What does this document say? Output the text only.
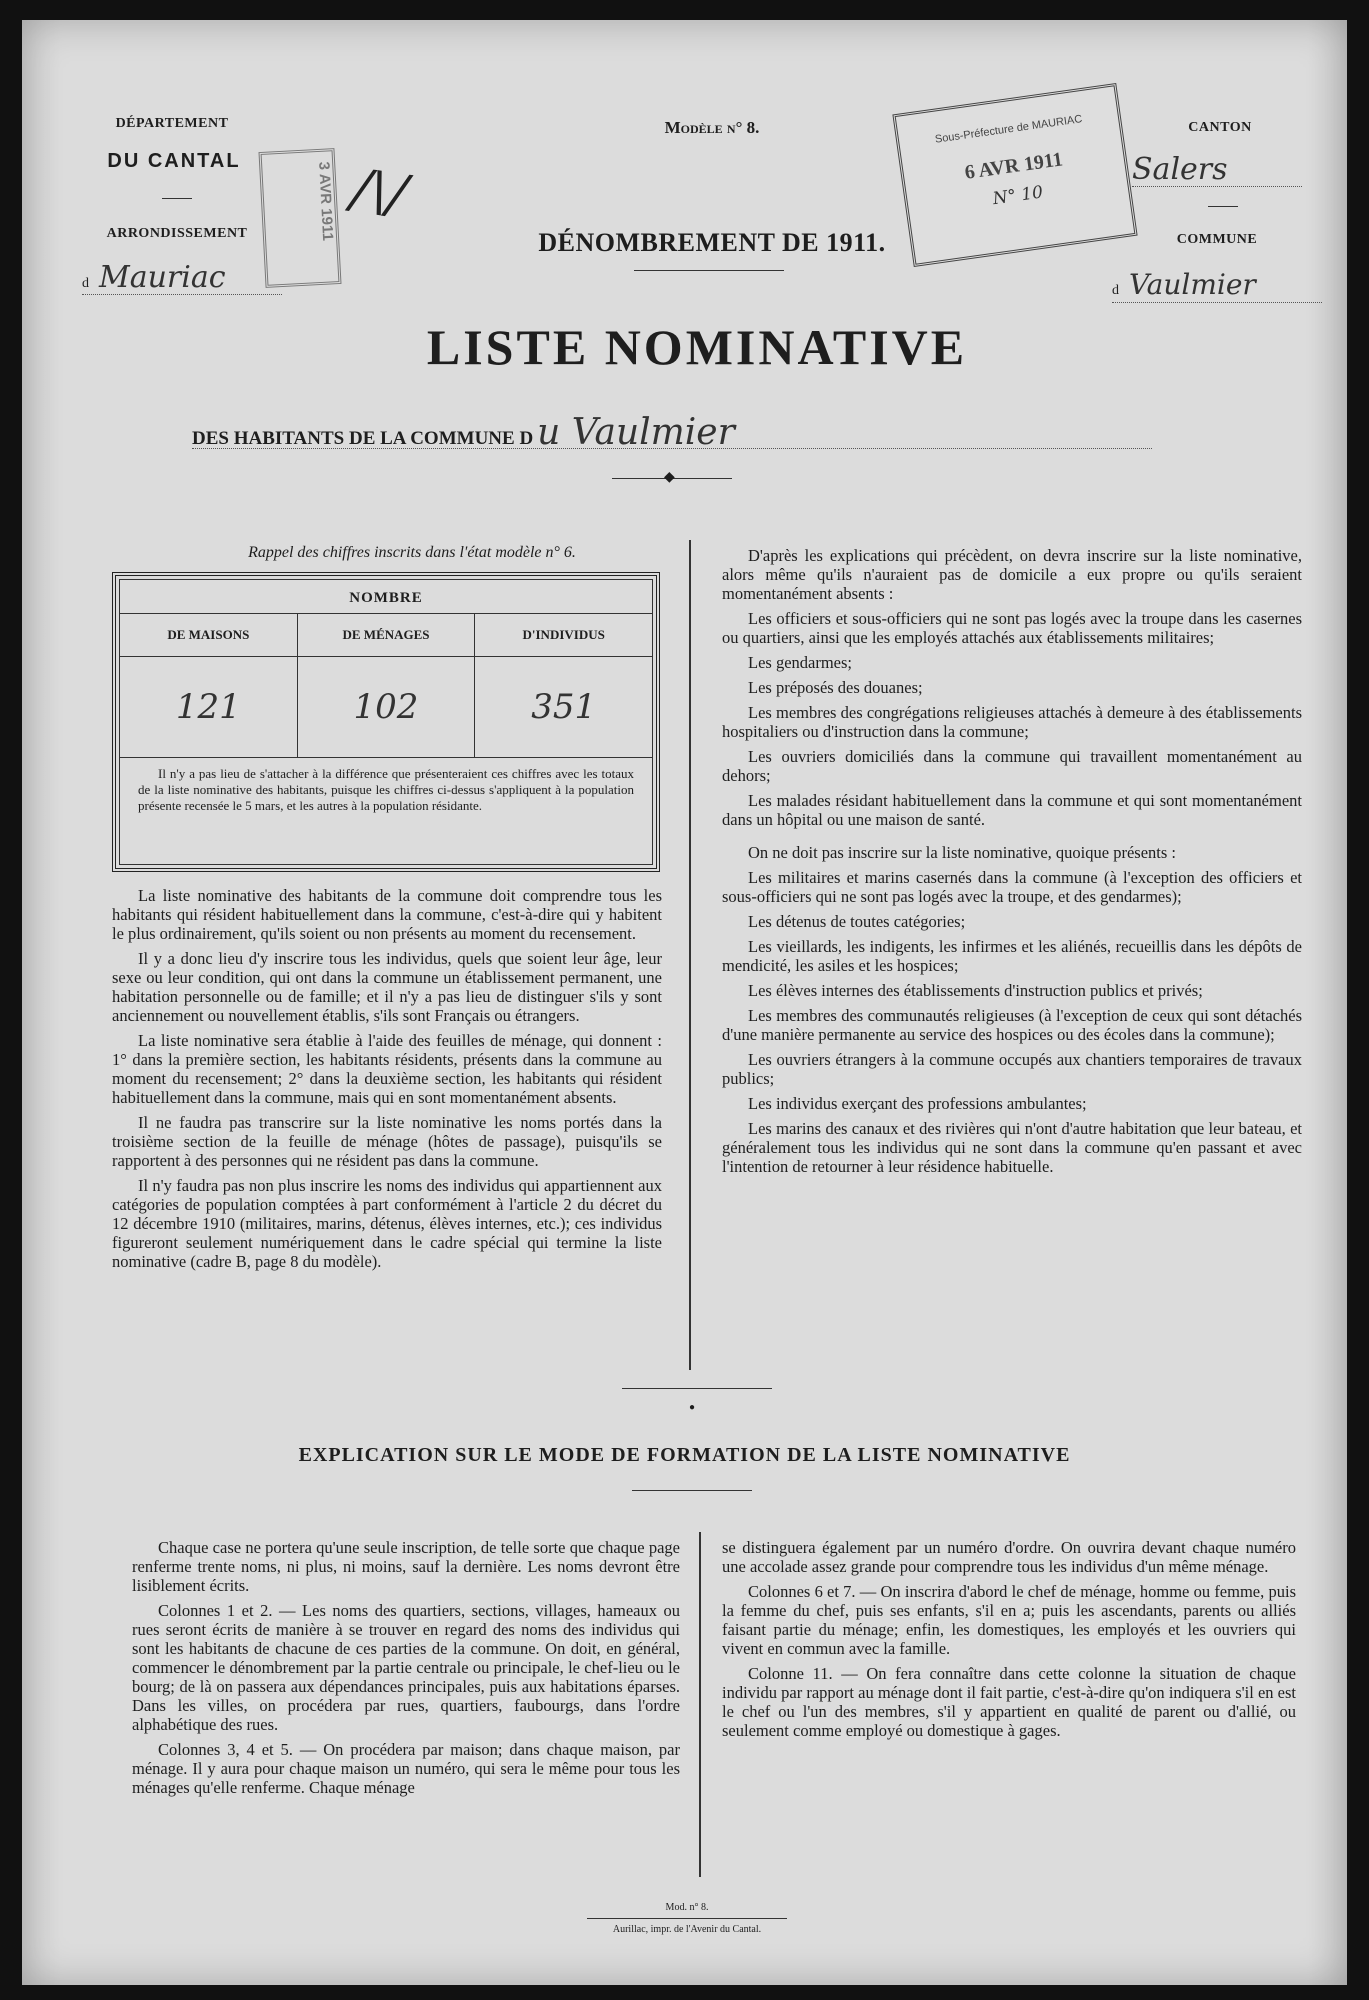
DÉPARTEMENT
DU CANTAL
ARRONDISSEMENT
d Mauriac
3 AVR 1911 /\/
Modèle n° 8.
DÉNOMBREMENT DE 1911.
Sous-Préfecture de MAURIAC
6 AVR 1911
N° 10
CANTON
Salers
COMMUNE
d Vaulmier
LISTE NOMINATIVE
DES HABITANTS DE LA COMMUNE D u Vaulmier
◆
Rappel des chiffres inscrits dans l'état modèle n° 6.
NOMBRE
DE MAISONS	DE MÉNAGES	D'INDIVIDUS
121	102	351
Il n'y a pas lieu de s'attacher à la différence que présenteraient ces chiffres avec les totaux de la liste nominative des habitants, puisque les chiffres ci-dessus s'appliquent à la population présente recensée le 5 mars, et les autres à la population résidante.

La liste nominative des habitants de la commune doit comprendre tous les habitants qui résident habituellement dans la commune, c'est-à-dire qui y habitent le plus ordinairement, qu'ils soient ou non présents au moment du recensement.

Il y a donc lieu d'y inscrire tous les individus, quels que soient leur âge, leur sexe ou leur condition, qui ont dans la commune un établissement permanent, une habitation personnelle ou de famille; et il n'y a pas lieu de distinguer s'ils y sont anciennement ou nouvellement établis, s'ils sont Français ou étrangers.

La liste nominative sera établie à l'aide des feuilles de ménage, qui donnent : 1° dans la première section, les habitants résidents, présents dans la commune au moment du recensement; 2° dans la deuxième section, les habitants qui résident habituellement dans la commune, mais qui en sont momentanément absents.

Il ne faudra pas transcrire sur la liste nominative les noms portés dans la troisième section de la feuille de ménage (hôtes de passage), puisqu'ils se rapportent à des personnes qui ne résident pas dans la commune.

Il n'y faudra pas non plus inscrire les noms des individus qui appartiennent aux catégories de population comptées à part conformément à l'article 2 du décret du 12 décembre 1910 (militaires, marins, détenus, élèves internes, etc.); ces individus figureront seulement numériquement dans le cadre spécial qui termine la liste nominative (cadre B, page 8 du modèle).

D'après les explications qui précèdent, on devra inscrire sur la liste nominative, alors même qu'ils n'auraient pas de domicile a eux propre ou qu'ils seraient momentanément absents :

Les officiers et sous-officiers qui ne sont pas logés avec la troupe dans les casernes ou quartiers, ainsi que les employés attachés aux établissements militaires;

Les gendarmes;

Les préposés des douanes;

Les membres des congrégations religieuses attachés à demeure à des établissements hospitaliers ou d'instruction dans la commune;

Les ouvriers domiciliés dans la commune qui travaillent momentanément au dehors;

Les malades résidant habituellement dans la commune et qui sont momentanément dans un hôpital ou une maison de santé.

On ne doit pas inscrire sur la liste nominative, quoique présents :

Les militaires et marins casernés dans la commune (à l'exception des officiers et sous-officiers qui ne sont pas logés avec la troupe, et des gendarmes);

Les détenus de toutes catégories;

Les vieillards, les indigents, les infirmes et les aliénés, recueillis dans les dépôts de mendicité, les asiles et les hospices;

Les élèves internes des établissements d'instruction publics et privés;

Les membres des communautés religieuses (à l'exception de ceux qui sont détachés d'une manière permanente au service des hospices ou des écoles dans la commune);

Les ouvriers étrangers à la commune occupés aux chantiers temporaires de travaux publics;

Les individus exerçant des professions ambulantes;

Les marins des canaux et des rivières qui n'ont d'autre habitation que leur bateau, et généralement tous les individus qui ne sont dans la commune qu'en passant et avec l'intention de retourner à leur résidence habituelle.

●
EXPLICATION SUR LE MODE DE FORMATION DE LA LISTE NOMINATIVE

Chaque case ne portera qu'une seule inscription, de telle sorte que chaque page renferme trente noms, ni plus, ni moins, sauf la dernière. Les noms devront être lisiblement écrits.

Colonnes 1 et 2. — Les noms des quartiers, sections, villages, hameaux ou rues seront écrits de manière à se trouver en regard des noms des individus qui sont les habitants de chacune de ces parties de la commune. On doit, en général, commencer le dénombrement par la partie centrale ou principale, le chef-lieu ou le bourg; de là on passera aux dépendances principales, puis aux habitations éparses. Dans les villes, on procédera par rues, quartiers, faubourgs, dans l'ordre alphabétique des rues.

Colonnes 3, 4 et 5. — On procédera par maison; dans chaque maison, par ménage. Il y aura pour chaque maison un numéro, qui sera le même pour tous les ménages qu'elle renferme. Chaque ménage

se distinguera également par un numéro d'ordre. On ouvrira devant chaque numéro une accolade assez grande pour comprendre tous les individus d'un même ménage.

Colonnes 6 et 7. — On inscrira d'abord le chef de ménage, homme ou femme, puis la femme du chef, puis ses enfants, s'il en a; puis les ascendants, parents ou alliés faisant partie du ménage; enfin, les domestiques, les employés et les ouvriers qui vivent en commun avec la famille.

Colonne 11. — On fera connaître dans cette colonne la situation de chaque individu par rapport au ménage dont il fait partie, c'est-à-dire qu'on indiquera s'il en est le chef ou l'un des membres, s'il y appartient en qualité de parent ou d'allié, ou seulement comme employé ou domestique à gages.

Mod. n° 8.
Aurillac, impr. de l'Avenir du Cantal.
